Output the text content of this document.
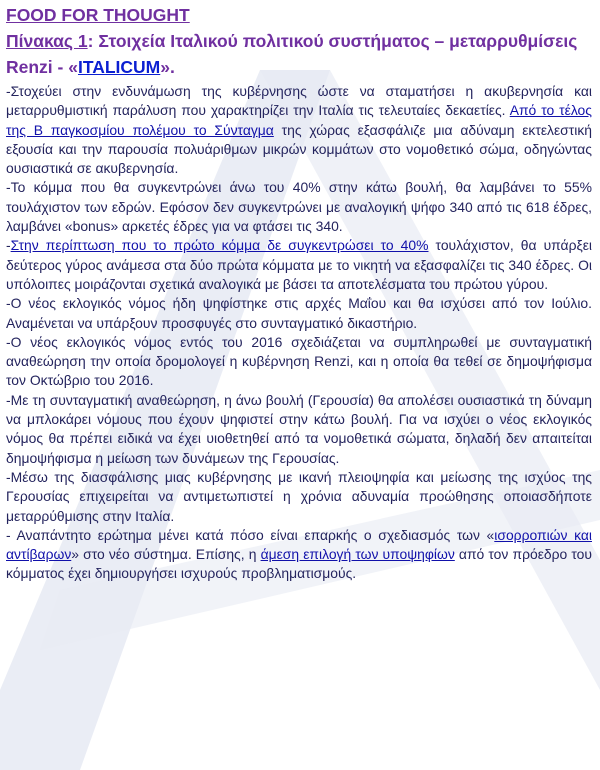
FOOD FOR THOUGHT
Πίνακας 1: Στοιχεία Ιταλικού πολιτικού συστήματος – μεταρρυθμίσεις Renzi - «ITALICUM».

-Στοχεύει στην ενδυνάμωση της κυβέρνησης ώστε να σταματήσει η ακυβερνησία και μεταρρυθμιστική παράλυση που χαρακτηρίζει την Ιταλία τις τελευταίες δεκαετίες. Από το τέλος της Β παγκοσμίου πολέμου το Σύνταγμα της χώρας εξασφάλιζε μια αδύναμη εκτελεστική εξουσία και την παρουσία πολυάριθμων μικρών κομμάτων στο νομοθετικό σώμα, οδηγώντας ουσιαστικά σε ακυβερνησία.

-Το κόμμα που θα συγκεντρώνει άνω του 40% στην κάτω βουλή, θα λαμβάνει το 55% τουλάχιστον των εδρών. Εφόσον δεν συγκεντρώνει με αναλογική ψήφο 340 από τις 618 έδρες, λαμβάνει «bonus» αρκετές έδρες για να φτάσει τις 340.

-Στην περίπτωση που το πρώτο κόμμα δε συγκεντρώσει το 40% τουλάχιστον, θα υπάρξει δεύτερος γύρος ανάμεσα στα δύο πρώτα κόμματα με το νικητή να εξασφαλίζει τις 340 έδρες. Οι υπόλοιπες μοιράζονται σχετικά αναλογικά με βάσει τα αποτελέσματα του πρώτου γύρου.

-Ο νέος εκλογικός νόμος ήδη ψηφίστηκε στις αρχές Μαΐου και θα ισχύσει από τον Ιούλιο. Αναμένεται να υπάρξουν προσφυγές στο συνταγματικό δικαστήριο.

-Ο νέος εκλογικός νόμος εντός του 2016 σχεδιάζεται να συμπληρωθεί με συνταγματική αναθεώρηση την οποία δρομολογεί η κυβέρνηση Renzi, και η οποία θα τεθεί σε δημοψήφισμα τον Οκτώβριο του 2016.

-Με τη συνταγματική αναθεώρηση, η άνω βουλή (Γερουσία) θα απολέσει ουσιαστικά τη δύναμη να μπλοκάρει νόμους που έχουν ψηφιστεί στην κάτω βουλή. Για να ισχύει ο νέος εκλογικός νόμος θα πρέπει ειδικά να έχει υιοθετηθεί από τα νομοθετικά σώματα, δηλαδή δεν απαιτείται δημοψήφισμα η μείωση των δυνάμεων της Γερουσίας.

-Μέσω της διασφάλισης μιας κυβέρνησης με ικανή πλειοψηφία και μείωσης της ισχύος της Γερουσίας επιχειρείται να αντιμετωπιστεί η χρόνια αδυναμία προώθησης οποιασδήποτε μεταρρύθμισης στην Ιταλία.

- Αναπάντητο ερώτημα μένει κατά πόσο είναι επαρκής ο σχεδιασμός των «ισορροπιών και αντίβαρων» στο νέο σύστημα. Επίσης, η άμεση επιλογή των υποψηφίων από τον πρόεδρο του κόμματος έχει δημιουργήσει ισχυρούς προβληματισμούς.
